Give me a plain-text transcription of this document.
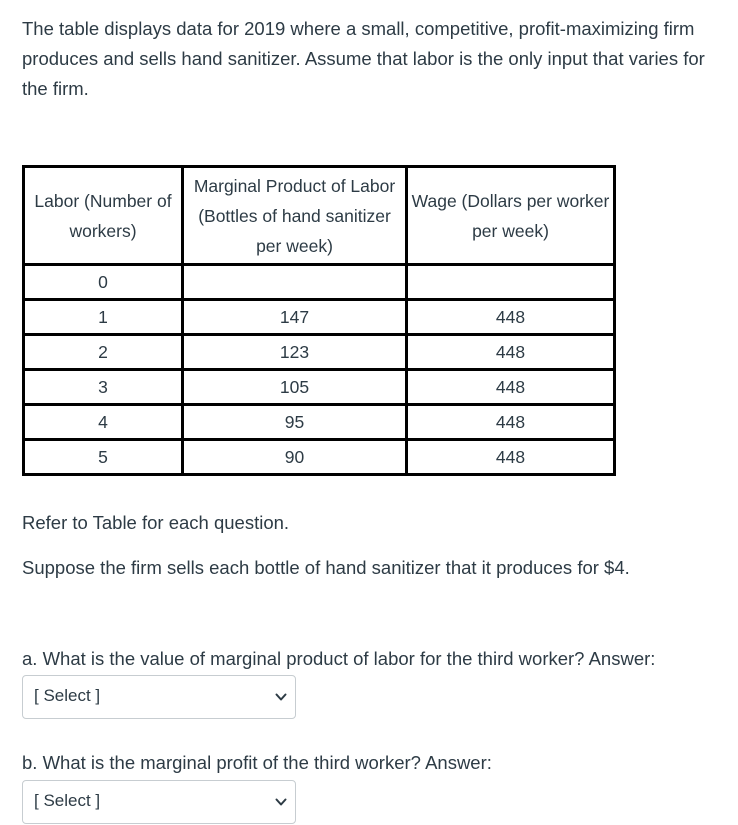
The table displays data for 2019 where a small, competitive, profit-maximizing firm produces and sells hand sanitizer. Assume that labor is the only input that varies for the firm.

Labor (Number of workers)	Marginal Product of Labor (Bottles of hand sanitizer per week)	Wage (Dollars per worker per week)
0		
1	147	448
2	123	448
3	105	448
4	95	448
5	90	448

Refer to Table for each question.

Suppose the firm sells each bottle of hand sanitizer that it produces for $4.

a. What is the value of marginal product of labor for the third worker? Answer:

[ Select ]

b. What is the marginal profit of the third worker? Answer:

[ Select ]
